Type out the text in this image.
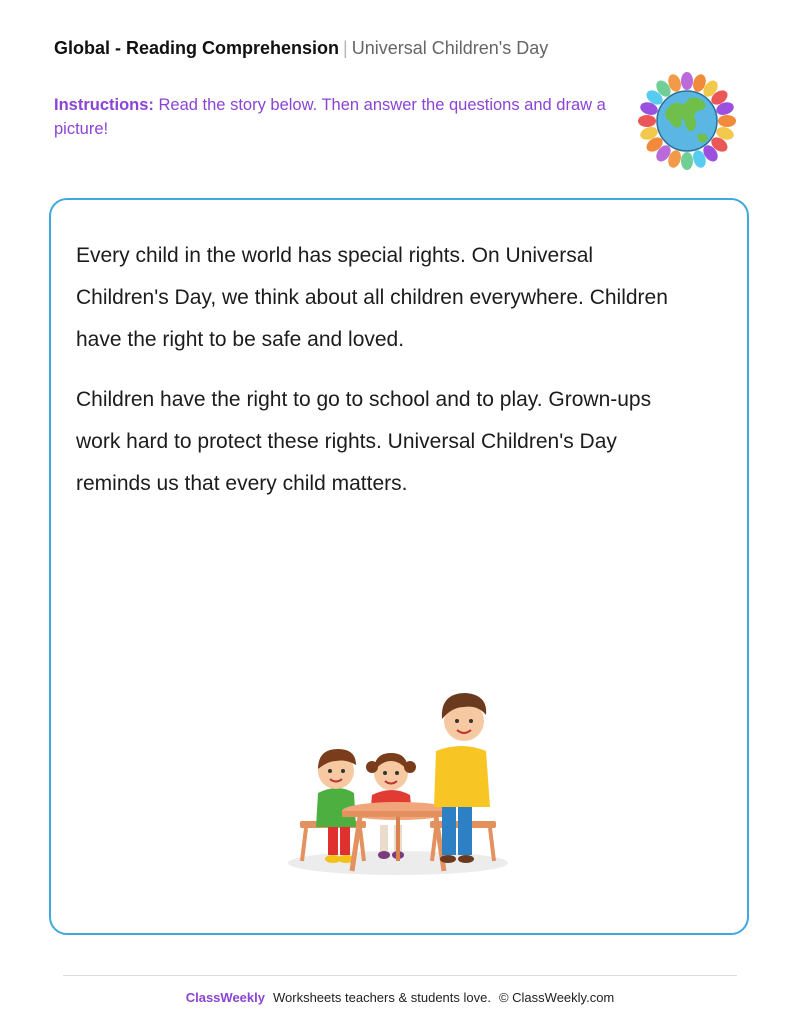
Global - Reading Comprehension | Universal Children's Day
Instructions: Read the story below. Then answer the questions and draw a picture!

Every child in the world has special rights. On Universal Children's Day, we think about all children everywhere. Children have the right to be safe and loved.

Children have the right to go to school and to play. Grown-ups work hard to protect these rights. Universal Children's Day reminds us that every child matters.

ClassWeekly Worksheets teachers & students love. © ClassWeekly.com
